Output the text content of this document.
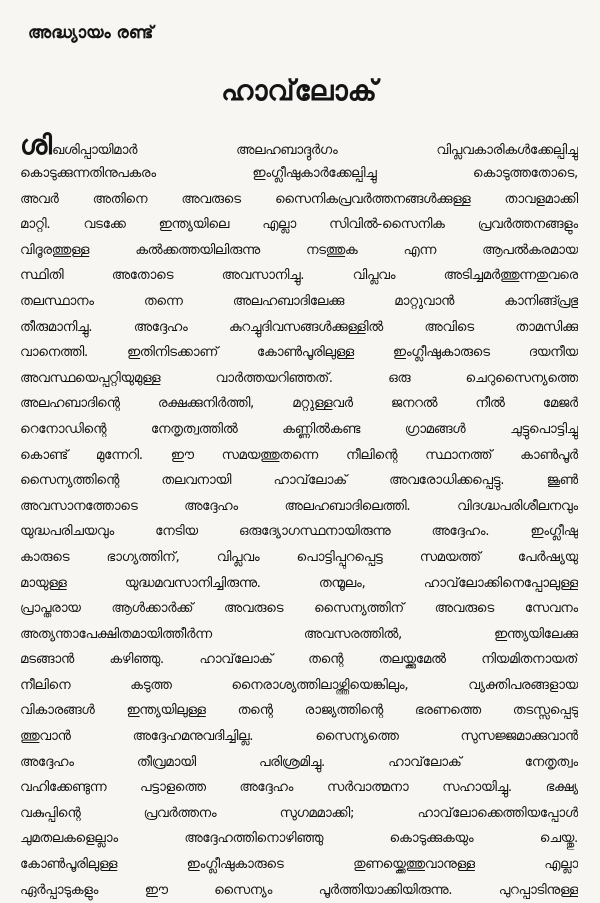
അദ്ധ്യായം രണ്ട്
ഹാവ്‌ലോക്
ശിഖശിപ്പായിമാർ അലഹബാദ്ദുർഗം വിപ്ലവകാരികൾക്കേല്പിച്ചു
കൊടുക്കുന്നതിനുപകരം ഇംഗ്ലീഷുകാർക്കേല്പിച്ചു കൊടുത്തതോടെ,
അവർ അതിനെ അവരുടെ സൈനികപ്രവർത്തനങ്ങൾക്കുള്ള താവളമാക്കി
മാറ്റി. വടക്കേ ഇന്ത്യയിലെ എല്ലാ സിവിൽ-സൈനിക പ്രവർത്തനങ്ങളും
വിദൂരത്തുള്ള കൽക്കത്തയിലിരുന്നു നടത്തുക എന്ന ആപൽകരമായ
സ്ഥിതി അതോടെ അവസാനിച്ചു. വിപ്ലവം അടിച്ചമർത്തുന്നതുവരെ
തലസ്ഥാനം തന്നെ അലഹബാദിലേക്കു മാറ്റുവാൻ കാനിങ്ങ്പ്രഭു
തീരുമാനിച്ചു. അദ്ദേഹം കുറച്ചുദിവസങ്ങൾക്കുള്ളിൽ അവിടെ താമസിക്കു
വാനെത്തി. ഇതിനിടക്കാണ് കോൺപൂരിലുള്ള ഇംഗ്ലീഷുകാരുടെ ദയനീയ
അവസ്ഥയെപ്പറ്റിയുമുള്ള വാർത്തയറിഞ്ഞത്. ഒരു ചെറുസൈന്യത്തെ
അലഹബാദിന്റെ രക്ഷക്കുനിർത്തി, മറ്റുള്ളവർ ജനറൽ നീൽ മേജർ
റെനോഡിന്റെ നേതൃത്വത്തിൽ കണ്ണിൽകണ്ട ഗ്രാമങ്ങൾ ചുട്ടുപൊട്ടിച്ചു
കൊണ്ട് മുന്നേറി. ഈ സമയത്തുതന്നെ നീലിന്റെ സ്ഥാനത്ത് കാൺപൂർ
സൈന്യത്തിന്റെ തലവനായി ഹാവ്‌ലോക് അവരോധിക്കപ്പെട്ടു. ജൂൺ
അവസാനത്തോടെ അദ്ദേഹം അലഹബാദിലെത്തി. വിദഗ്ദ്ധപരിശീലനവും
യുദ്ധപരിചയവും നേടിയ ഒരുദ്യോഗസ്ഥനായിരുന്നു അദ്ദേഹം. ഇംഗ്ലീഷു
കാരുടെ ഭാഗ്യത്തിന്, വിപ്ലവം പൊട്ടിപ്പുറപ്പെട്ട സമയത്ത് പേർഷ്യയു
മായുള്ള യുദ്ധമവസാനിച്ചിരുന്നു. തന്മൂലം, ഹാവ്‌ലോക്കിനെപ്പോലുള്ള
പ്രാപ്തരായ ആൾക്കാർക്ക് അവരുടെ സൈന്യത്തിന് അവരുടെ സേവനം
അത്യന്താപേക്ഷിതമായിത്തീർന്ന അവസരത്തിൽ, ഇന്ത്യയിലേക്കു
മടങ്ങാൻ കഴിഞ്ഞു. ഹാവ്‌ലോക് തന്റെ തലയ്ക്കുമേൽ നിയമിതനായത്
നീലിനെ കടുത്ത നൈരാശ്യത്തിലാഴ്ത്തിയെങ്കിലും, വ്യക്തിപരങ്ങളായ
വികാരങ്ങൾ ഇന്ത്യയിലുള്ള തന്റെ രാജ്യത്തിന്റെ ഭരണത്തെ തടസ്സപ്പെടു
ത്തുവാൻ അദ്ദേഹമനുവദിച്ചില്ല. സൈന്യത്തെ സുസജ്ജമാക്കുവാൻ
അദ്ദേഹം തീവ്രമായി പരിശ്രമിച്ചു. ഹാവ്‌ലോക് നേതൃത്വം
വഹിക്കേണ്ടുന്ന പട്ടാളത്തെ അദ്ദേഹം സർവാത്മനാ സഹായിച്ചു. ഭക്ഷ്യ
വകുപ്പിന്റെ പ്രവർത്തനം സുഗമമാക്കി; ഹാവ്‌ലോക്കെത്തിയപ്പോൾ
ചുമതലകളെല്ലാം അദ്ദേഹത്തിനൊഴിഞ്ഞു കൊടുക്കുകയും ചെയ്തു.
കോൺപൂരിലുള്ള ഇംഗ്ലീഷുകാരുടെ തുണയ്ക്കെത്തുവാനുള്ള എല്ലാ
ഏർപ്പാടുകളും ഈ സൈന്യം പൂർത്തിയാക്കിയിരുന്നു. പുറപ്പാടിനുള്ള
